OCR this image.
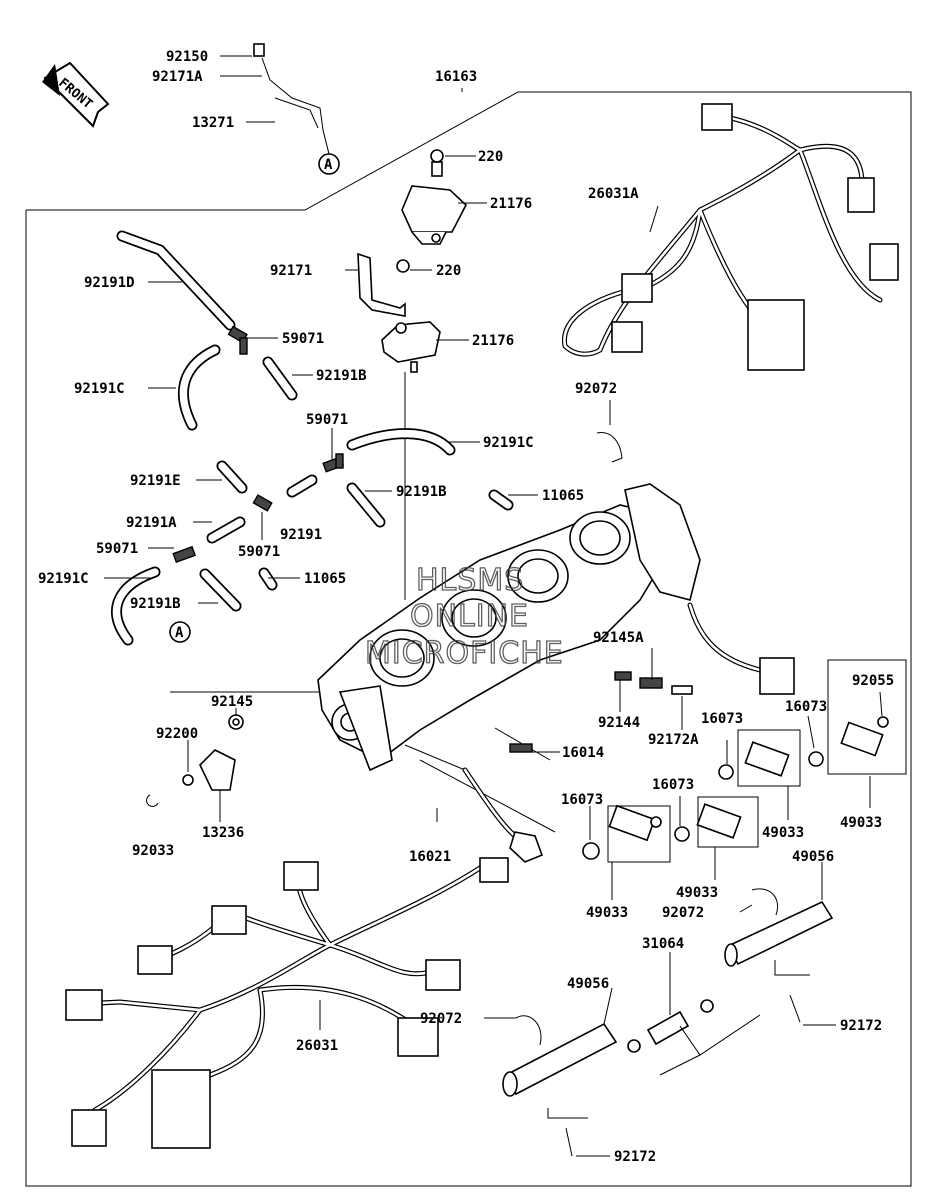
FRONT
A
A
HLSMS
ONLINE
MICROFICHE
92150
92171A
13271
16163
220
21176
92171	220
21176
26031A
92191D
59071
92191C
92191B
92072
59071
92191C
92191E
92191B	11065
92191A
92191
59071	59071
92191C	11065
92191B
92145A
92055
92145
92144
92172A
16073
16073
92200
16014
16073
16073
49033
13236
92033	16021
49033
49033
49056
49033 92072
31064
49056
92072	92172
26031
92172
